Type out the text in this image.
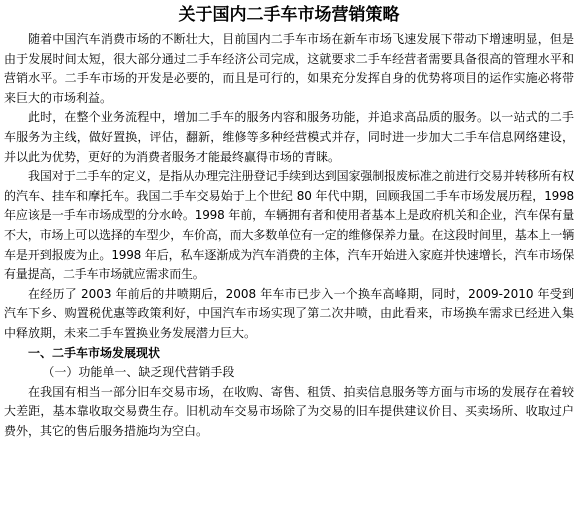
关于国内二手车市场营销策略

随着中国汽车消费市场的不断壮大，目前国内二手车市场在新车市场飞速发展下带动下增速明显，但是由于发展时间太短，很大部分通过二手车经济公司完成，这就要求二手车经营者需要具备很高的管理水平和营销水平。二手车市场的开发是必要的，而且是可行的，如果充分发挥自身的优势将项目的运作实施必将带来巨大的市场利益。

此时，在整个业务流程中，增加二手车的服务内容和服务功能，并追求高品质的服务。以一站式的二手车服务为主线，做好置换，评估，翻新，维修等多种经营模式并存，同时进一步加大二手车信息网络建设，并以此为优势，更好的为消费者服务才能最终赢得市场的青睐。

我国对于二手车的定义，是指从办理完注册登记手续到达到国家强制报废标准之前进行交易并转移所有权的汽车、挂车和摩托车。我国二手车交易始于上个世纪 80 年代中期，回顾我国二手车市场发展历程，1998 年应该是一手车市场成型的分水岭。1998 年前，车辆拥有者和使用者基本上是政府机关和企业，汽车保有量不大，市场上可以选择的车型少，车价高，而大多数单位有一定的维修保养力量。在这段时间里，基本上一辆车是开到报废为止。1998 年后，私车逐渐成为汽车消费的主体，汽车开始进入家庭并快速增长，汽车市场保有量提高，二手车市场就应需求而生。

在经历了 2003 年前后的井喷期后，2008 年车市已步入一个换车高峰期，同时，2009-2010 年受到汽车下乡、购置税优惠等政策利好，中国汽车市场实现了第二次井喷，由此看来，市场换车需求已经进入集中释放期，未来二手车置换业务发展潜力巨大。

一、二手车市场发展现状
（一）功能单一、缺乏现代营销手段

在我国有相当一部分旧车交易市场，在收购、寄售、租赁、拍卖信息服务等方面与市场的发展存在着较大差距，基本靠收取交易费生存。旧机动车交易市场除了为交易的旧车提供建议价目、买卖场所、收取过户费外，其它的售后服务措施均为空白。
